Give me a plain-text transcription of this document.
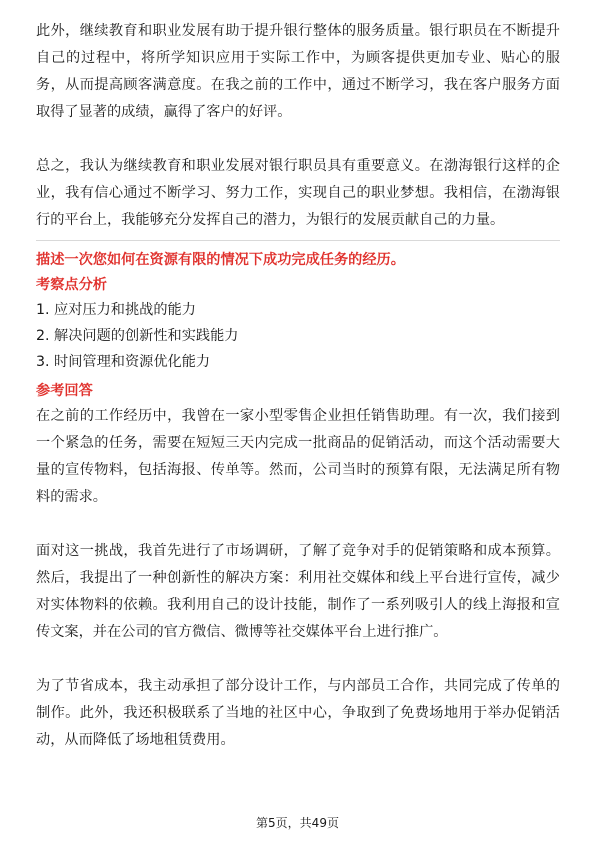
此外，继续教育和职业发展有助于提升银行整体的服务质量。银行职员在不断提升自己的过程中，将所学知识应用于实际工作中，为顾客提供更加专业、贴心的服务，从而提高顾客满意度。在我之前的工作中，通过不断学习，我在客户服务方面取得了显著的成绩，赢得了客户的好评。

总之，我认为继续教育和职业发展对银行职员具有重要意义。在渤海银行这样的企业，我有信心通过不断学习、努力工作，实现自己的职业梦想。我相信，在渤海银行的平台上，我能够充分发挥自己的潜力，为银行的发展贡献自己的力量。

描述一次您如何在资源有限的情况下成功完成任务的经历。

考察点分析

1. 应对压力和挑战的能力

2. 解决问题的创新性和实践能力

3. 时间管理和资源优化能力

参考回答

在之前的工作经历中，我曾在一家小型零售企业担任销售助理。有一次，我们接到一个紧急的任务，需要在短短三天内完成一批商品的促销活动，而这个活动需要大量的宣传物料，包括海报、传单等。然而，公司当时的预算有限，无法满足所有物料的需求。

面对这一挑战，我首先进行了市场调研，了解了竞争对手的促销策略和成本预算。然后，我提出了一种创新性的解决方案：利用社交媒体和线上平台进行宣传，减少对实体物料的依赖。我利用自己的设计技能，制作了一系列吸引人的线上海报和宣传文案，并在公司的官方微信、微博等社交媒体平台上进行推广。

为了节省成本，我主动承担了部分设计工作，与内部员工合作，共同完成了传单的制作。此外，我还积极联系了当地的社区中心，争取到了免费场地用于举办促销活动，从而降低了场地租赁费用。

第5页，共49页
